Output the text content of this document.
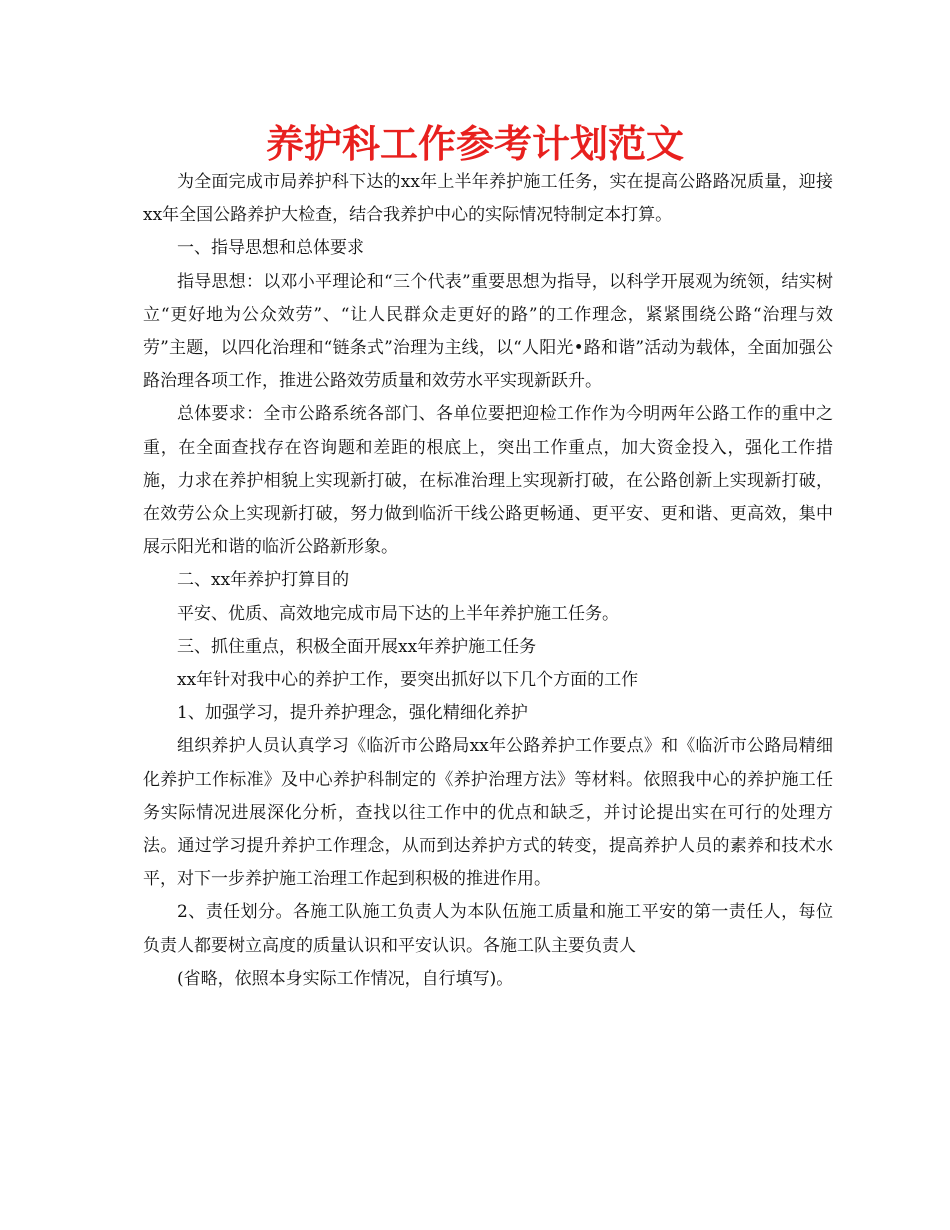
养护科工作参考计划范文

为全面完成市局养护科下达的xx年上半年养护施工任务，实在提高公路路况质量，迎接xx年全国公路养护大检查，结合我养护中心的实际情况特制定本打算。

一、指导思想和总体要求

指导思想：以邓小平理论和“三个代表”重要思想为指导，以科学开展观为统领，结实树立“更好地为公众效劳”、“让人民群众走更好的路”的工作理念，紧紧围绕公路“治理与效劳”主题，以四化治理和“链条式”治理为主线，以“人阳光•路和谐”活动为载体，全面加强公路治理各项工作，推进公路效劳质量和效劳水平实现新跃升。

总体要求：全市公路系统各部门、各单位要把迎检工作作为今明两年公路工作的重中之重，在全面查找存在咨询题和差距的根底上，突出工作重点，加大资金投入，强化工作措施，力求在养护相貌上实现新打破，在标准治理上实现新打破，在公路创新上实现新打破，在效劳公众上实现新打破，努力做到临沂干线公路更畅通、更平安、更和谐、更高效，集中展示阳光和谐的临沂公路新形象。

二、xx年养护打算目的

平安、优质、高效地完成市局下达的上半年养护施工任务。

三、抓住重点，积极全面开展xx年养护施工任务

xx年针对我中心的养护工作，要突出抓好以下几个方面的工作

1、加强学习，提升养护理念，强化精细化养护

组织养护人员认真学习《临沂市公路局xx年公路养护工作要点》和《临沂市公路局精细化养护工作标准》及中心养护科制定的《养护治理方法》等材料。依照我中心的养护施工任务实际情况进展深化分析，查找以往工作中的优点和缺乏，并讨论提出实在可行的处理方法。通过学习提升养护工作理念，从而到达养护方式的转变，提高养护人员的素养和技术水平，对下一步养护施工治理工作起到积极的推进作用。

2、责任划分。各施工队施工负责人为本队伍施工质量和施工平安的第一责任人，每位负责人都要树立高度的质量认识和平安认识。各施工队主要负责人

(省略，依照本身实际工作情况，自行填写)。
